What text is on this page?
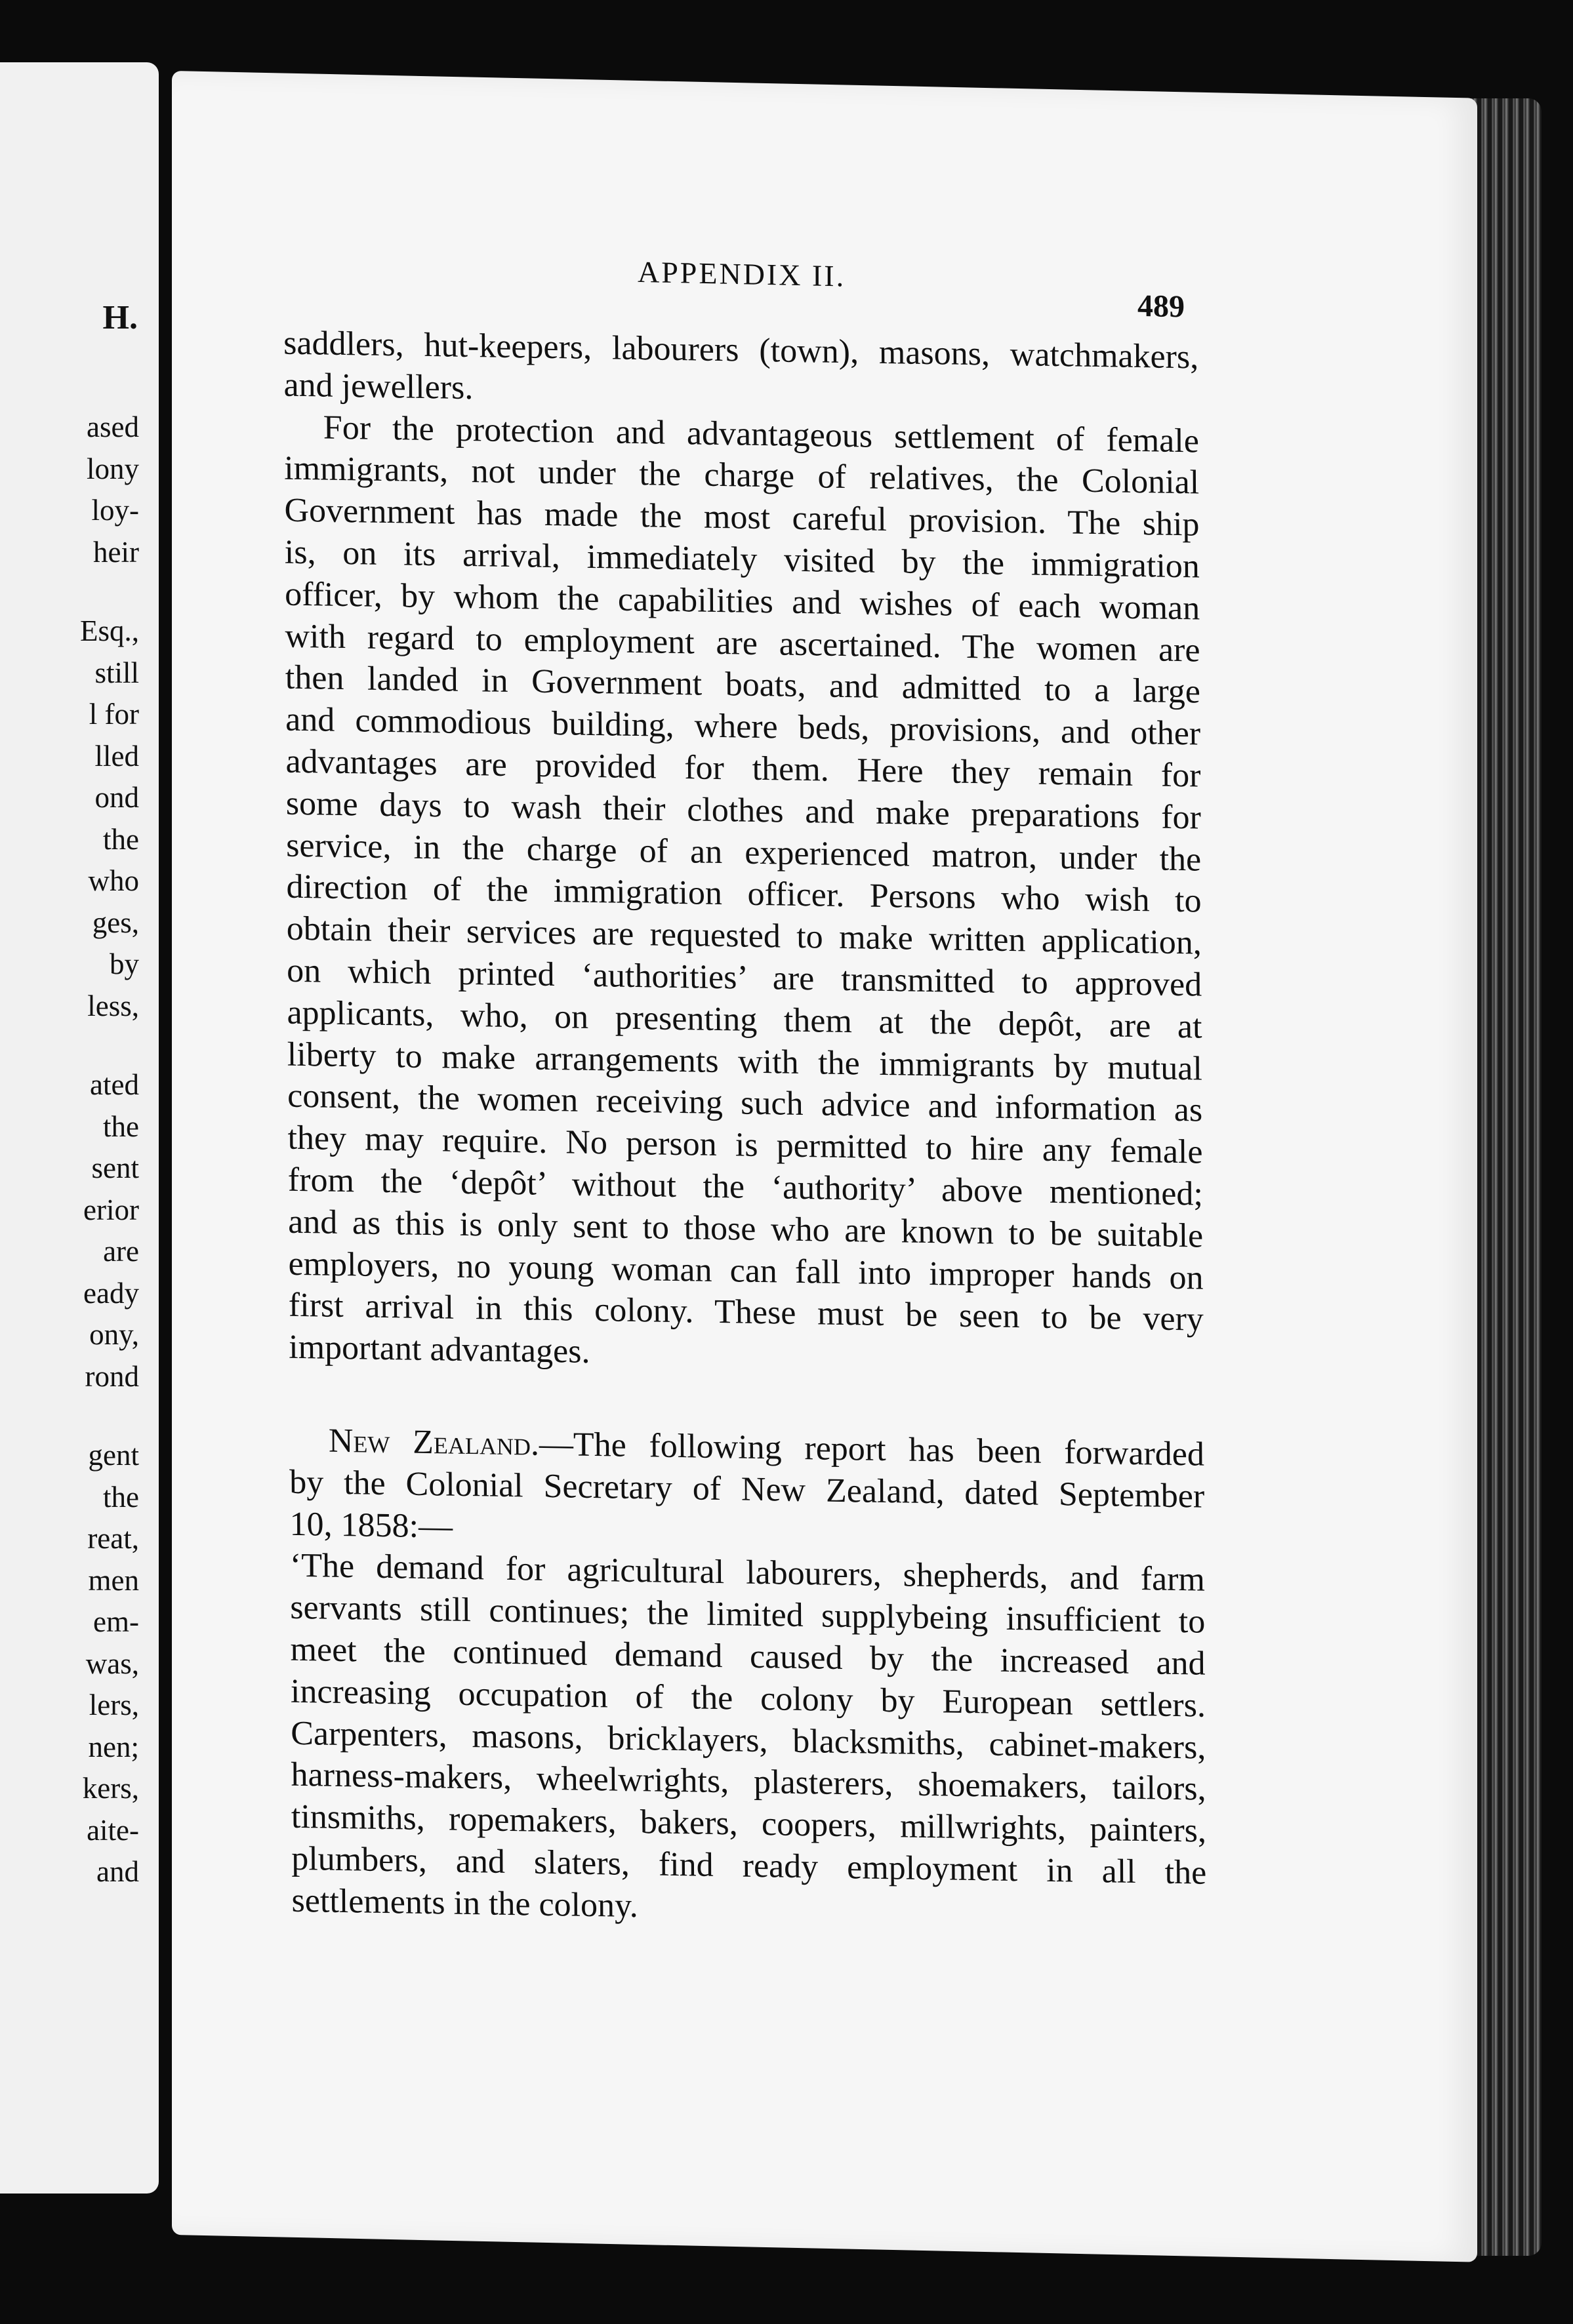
H.
ased
lony
loy-
heir
Esq.,
still
l for
lled
ond
the
who
ges,
by
less,
ated
the
sent
erior
are
eady
ony,
rond
gent
the
reat,
men
em-
was,
lers,
nen;
kers,
aite-
and
APPENDIX II.
489

saddlers, hut-keepers, labourers (town), masons, watchmakers,
and jewellers.

For the protection and advantageous settlement of female
immigrants, not under the charge of relatives, the Colonial
Government has made the most careful provision. The ship
is, on its arrival, immediately visited by the immigration
officer, by whom the capabilities and wishes of each woman
with regard to employment are ascertained. The women are
then landed in Government boats, and admitted to a large
and commodious building, where beds, provisions, and other
advantages are provided for them. Here they remain for
some days to wash their clothes and make preparations for
service, in the charge of an experienced matron, under the
direction of the immigration officer. Persons who wish to
obtain their services are requested to make written application,
on which printed ‘authorities’ are transmitted to approved
applicants, who, on presenting them at the depôt, are at
liberty to make arrangements with the immigrants by mutual
consent, the women receiving such advice and information as
they may require. No person is permitted to hire any female
from the ‘depôt’ without the ‘authority’ above mentioned;
and as this is only sent to those who are known to be suitable
employers, no young woman can fall into improper hands on
first arrival in this colony. These must be seen to be very
important advantages.

New Zealand.—The following report has been forwarded
by the Colonial Secretary of New Zealand, dated September
10, 1858:—

‘The demand for agricultural labourers, shepherds, and farm
servants still continues; the limited supplybeing insufficient to
meet the continued demand caused by the increased and
increasing occupation of the colony by European settlers.
Carpenters, masons, bricklayers, blacksmiths, cabinet-makers,
harness-makers, wheelwrights, plasterers, shoemakers, tailors,
tinsmiths, ropemakers, bakers, coopers, millwrights, painters,
plumbers, and slaters, find ready employment in all the
settlements in the colony.
